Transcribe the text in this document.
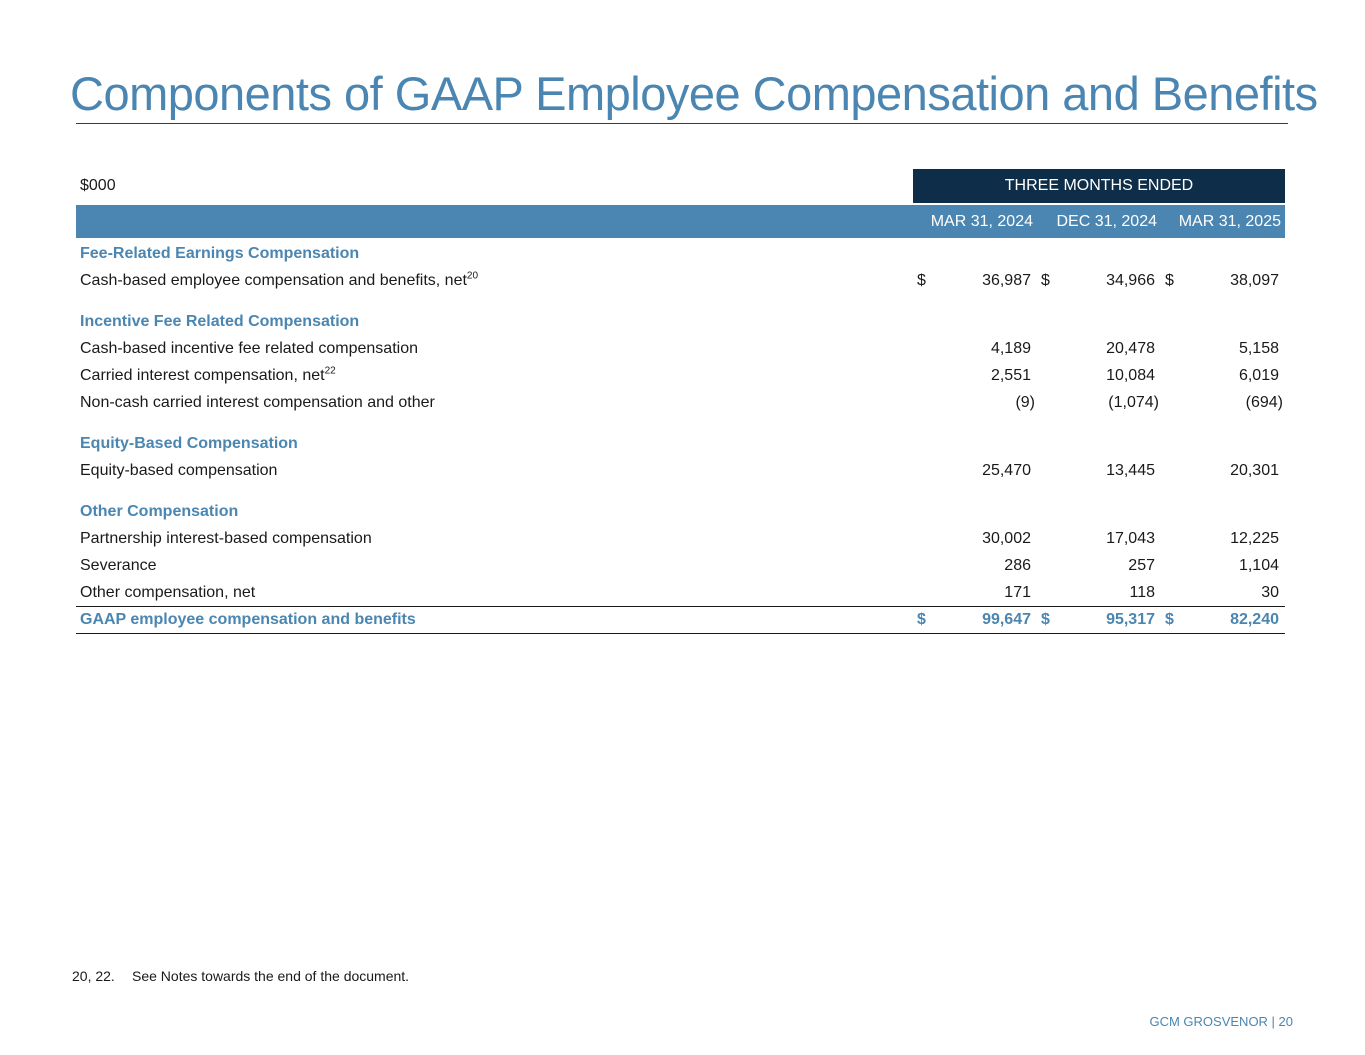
Components of GAAP Employee Compensation and Benefits
$000	THREE MONTHS ENDED
MAR 31, 2024 DEC 31, 2024 MAR 31, 2025
Fee-Related Earnings Compensation
Cash-based employee compensation and benefits, net$^{20}$	$	36,987 $	34,966 $	38,097
Incentive Fee Related Compensation
Cash-based incentive fee related compensation	4,189	20,478	5,158
Carried interest compensation, net$^{22}$	2,551	10,084	6,019
Non-cash carried interest compensation and other	(9)	(1,074)	(694)
Equity-Based Compensation
Equity-based compensation	25,470	13,445	20,301
Other Compensation
Partnership interest-based compensation	30,002	17,043	12,225
Severance	286	257	1,104
Other compensation, net	171	118	30
GAAP employee compensation and benefits	$	99,647 $	95,317 $	82,240
20, 22. See Notes towards the end of the document.
GCM GROSVENOR | 20
